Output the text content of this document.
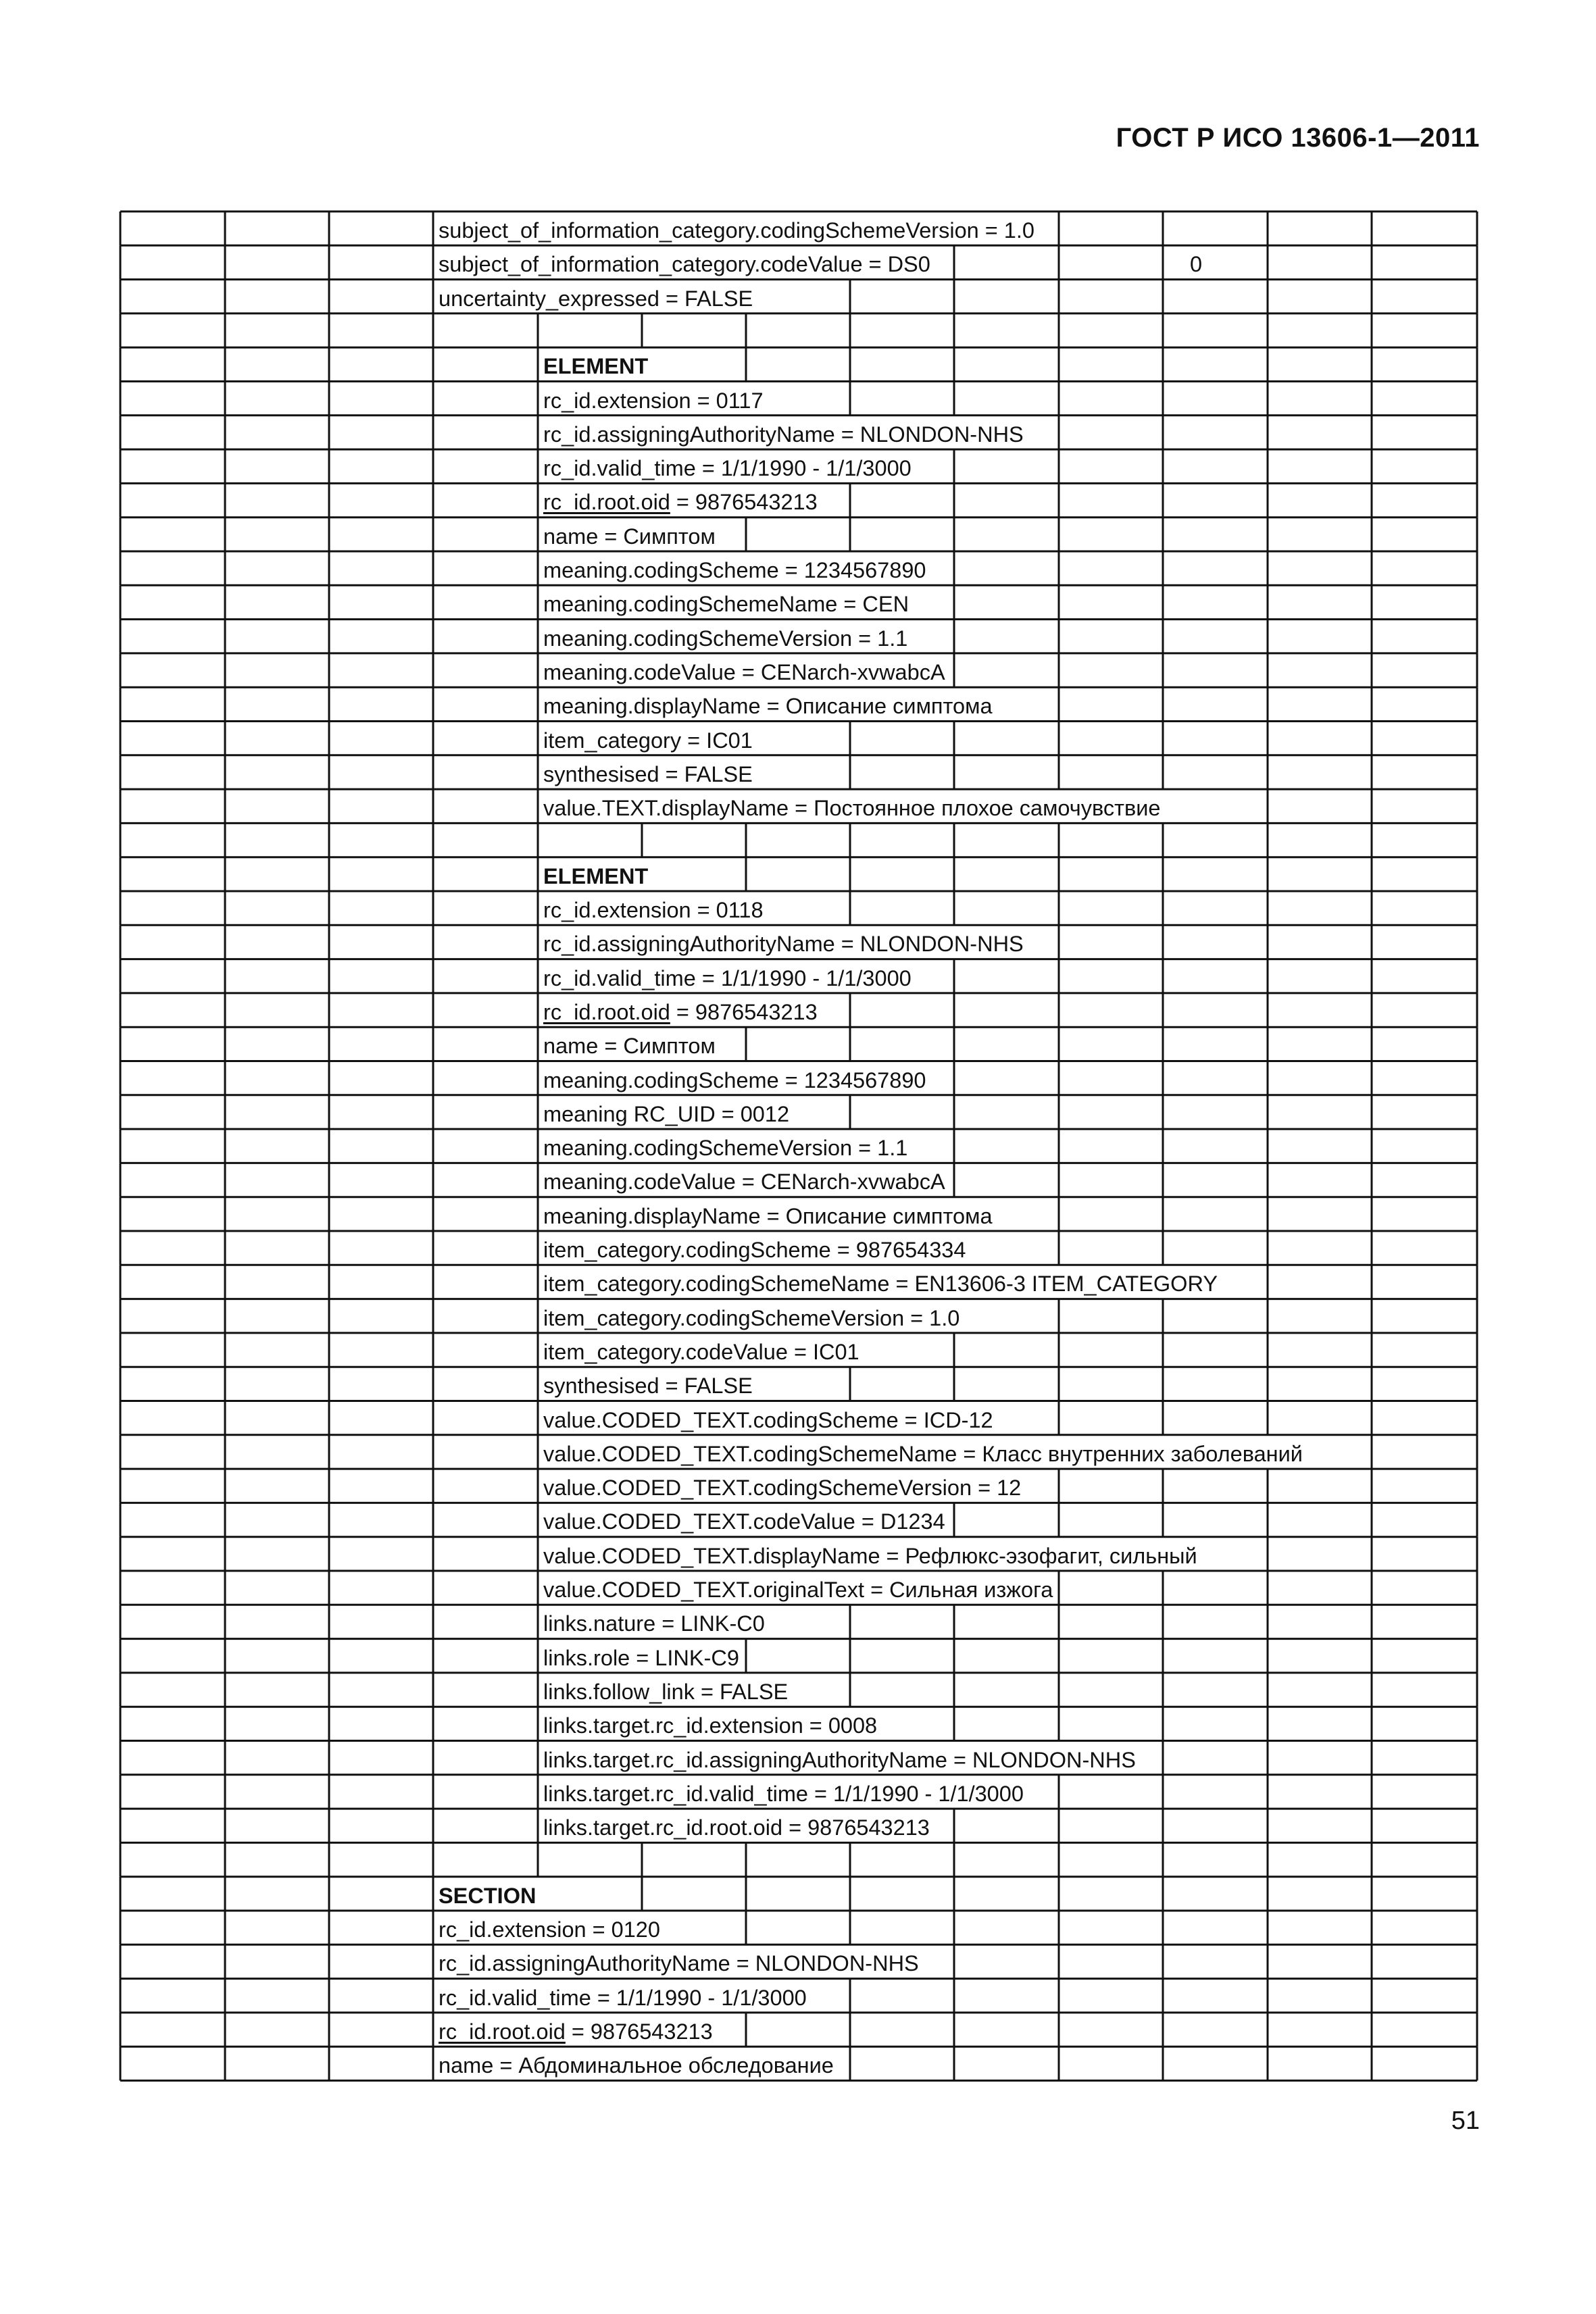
ГОСТ Р ИСО 13606-1—2011
subject_of_information_category.codingSchemeVersion = 1.0
subject_of_information_category.codeValue = DS0	0
uncertainty_expressed = FALSE
ELEMENT
rc_id.extension = 0117
rc_id.assigningAuthorityName = NLONDON-NHS
rc_id.valid_time = 1/1/1990 - 1/1/3000
rc_id.root.oid = 9876543213
name = Симптом
meaning.codingScheme = 1234567890
meaning.codingSchemeName = CEN
meaning.codingSchemeVersion = 1.1
meaning.codeValue = CENarch-xvwabcA
meaning.displayName = Описание симптома
item_category = IC01
synthesised = FALSE
value.TEXT.displayName = Постоянное плохое самочувствие
ELEMENT
rc_id.extension = 0118
rc_id.assigningAuthorityName = NLONDON-NHS
rc_id.valid_time = 1/1/1990 - 1/1/3000
rc_id.root.oid = 9876543213
name = Симптом
meaning.codingScheme = 1234567890
meaning RC_UID = 0012
meaning.codingSchemeVersion = 1.1
meaning.codeValue = CENarch-xvwabcA
meaning.displayName = Описание симптома
item_category.codingScheme = 987654334
item_category.codingSchemeName = EN13606-3 ITEM_CATEGORY
item_category.codingSchemeVersion = 1.0
item_category.codeValue = IC01
synthesised = FALSE
value.CODED_TEXT.codingScheme = ICD-12
value.CODED_TEXT.codingSchemeName = Класс внутренних заболеваний
value.CODED_TEXT.codingSchemeVersion = 12
value.CODED_TEXT.codeValue = D1234
value.CODED_TEXT.displayName = Рефлюкс-эзофагит, сильный
value.CODED_TEXT.originalText = Сильная изжога
links.nature = LINK-C0
links.role = LINK-C9
links.follow_link = FALSE
links.target.rc_id.extension = 0008
links.target.rc_id.assigningAuthorityName = NLONDON-NHS
links.target.rc_id.valid_time = 1/1/1990 - 1/1/3000
links.target.rc_id.root.oid = 9876543213
SECTION
rc_id.extension = 0120
rc_id.assigningAuthorityName = NLONDON-NHS
rc_id.valid_time = 1/1/1990 - 1/1/3000
rc_id.root.oid = 9876543213
name = Абдоминальное обследование
51
